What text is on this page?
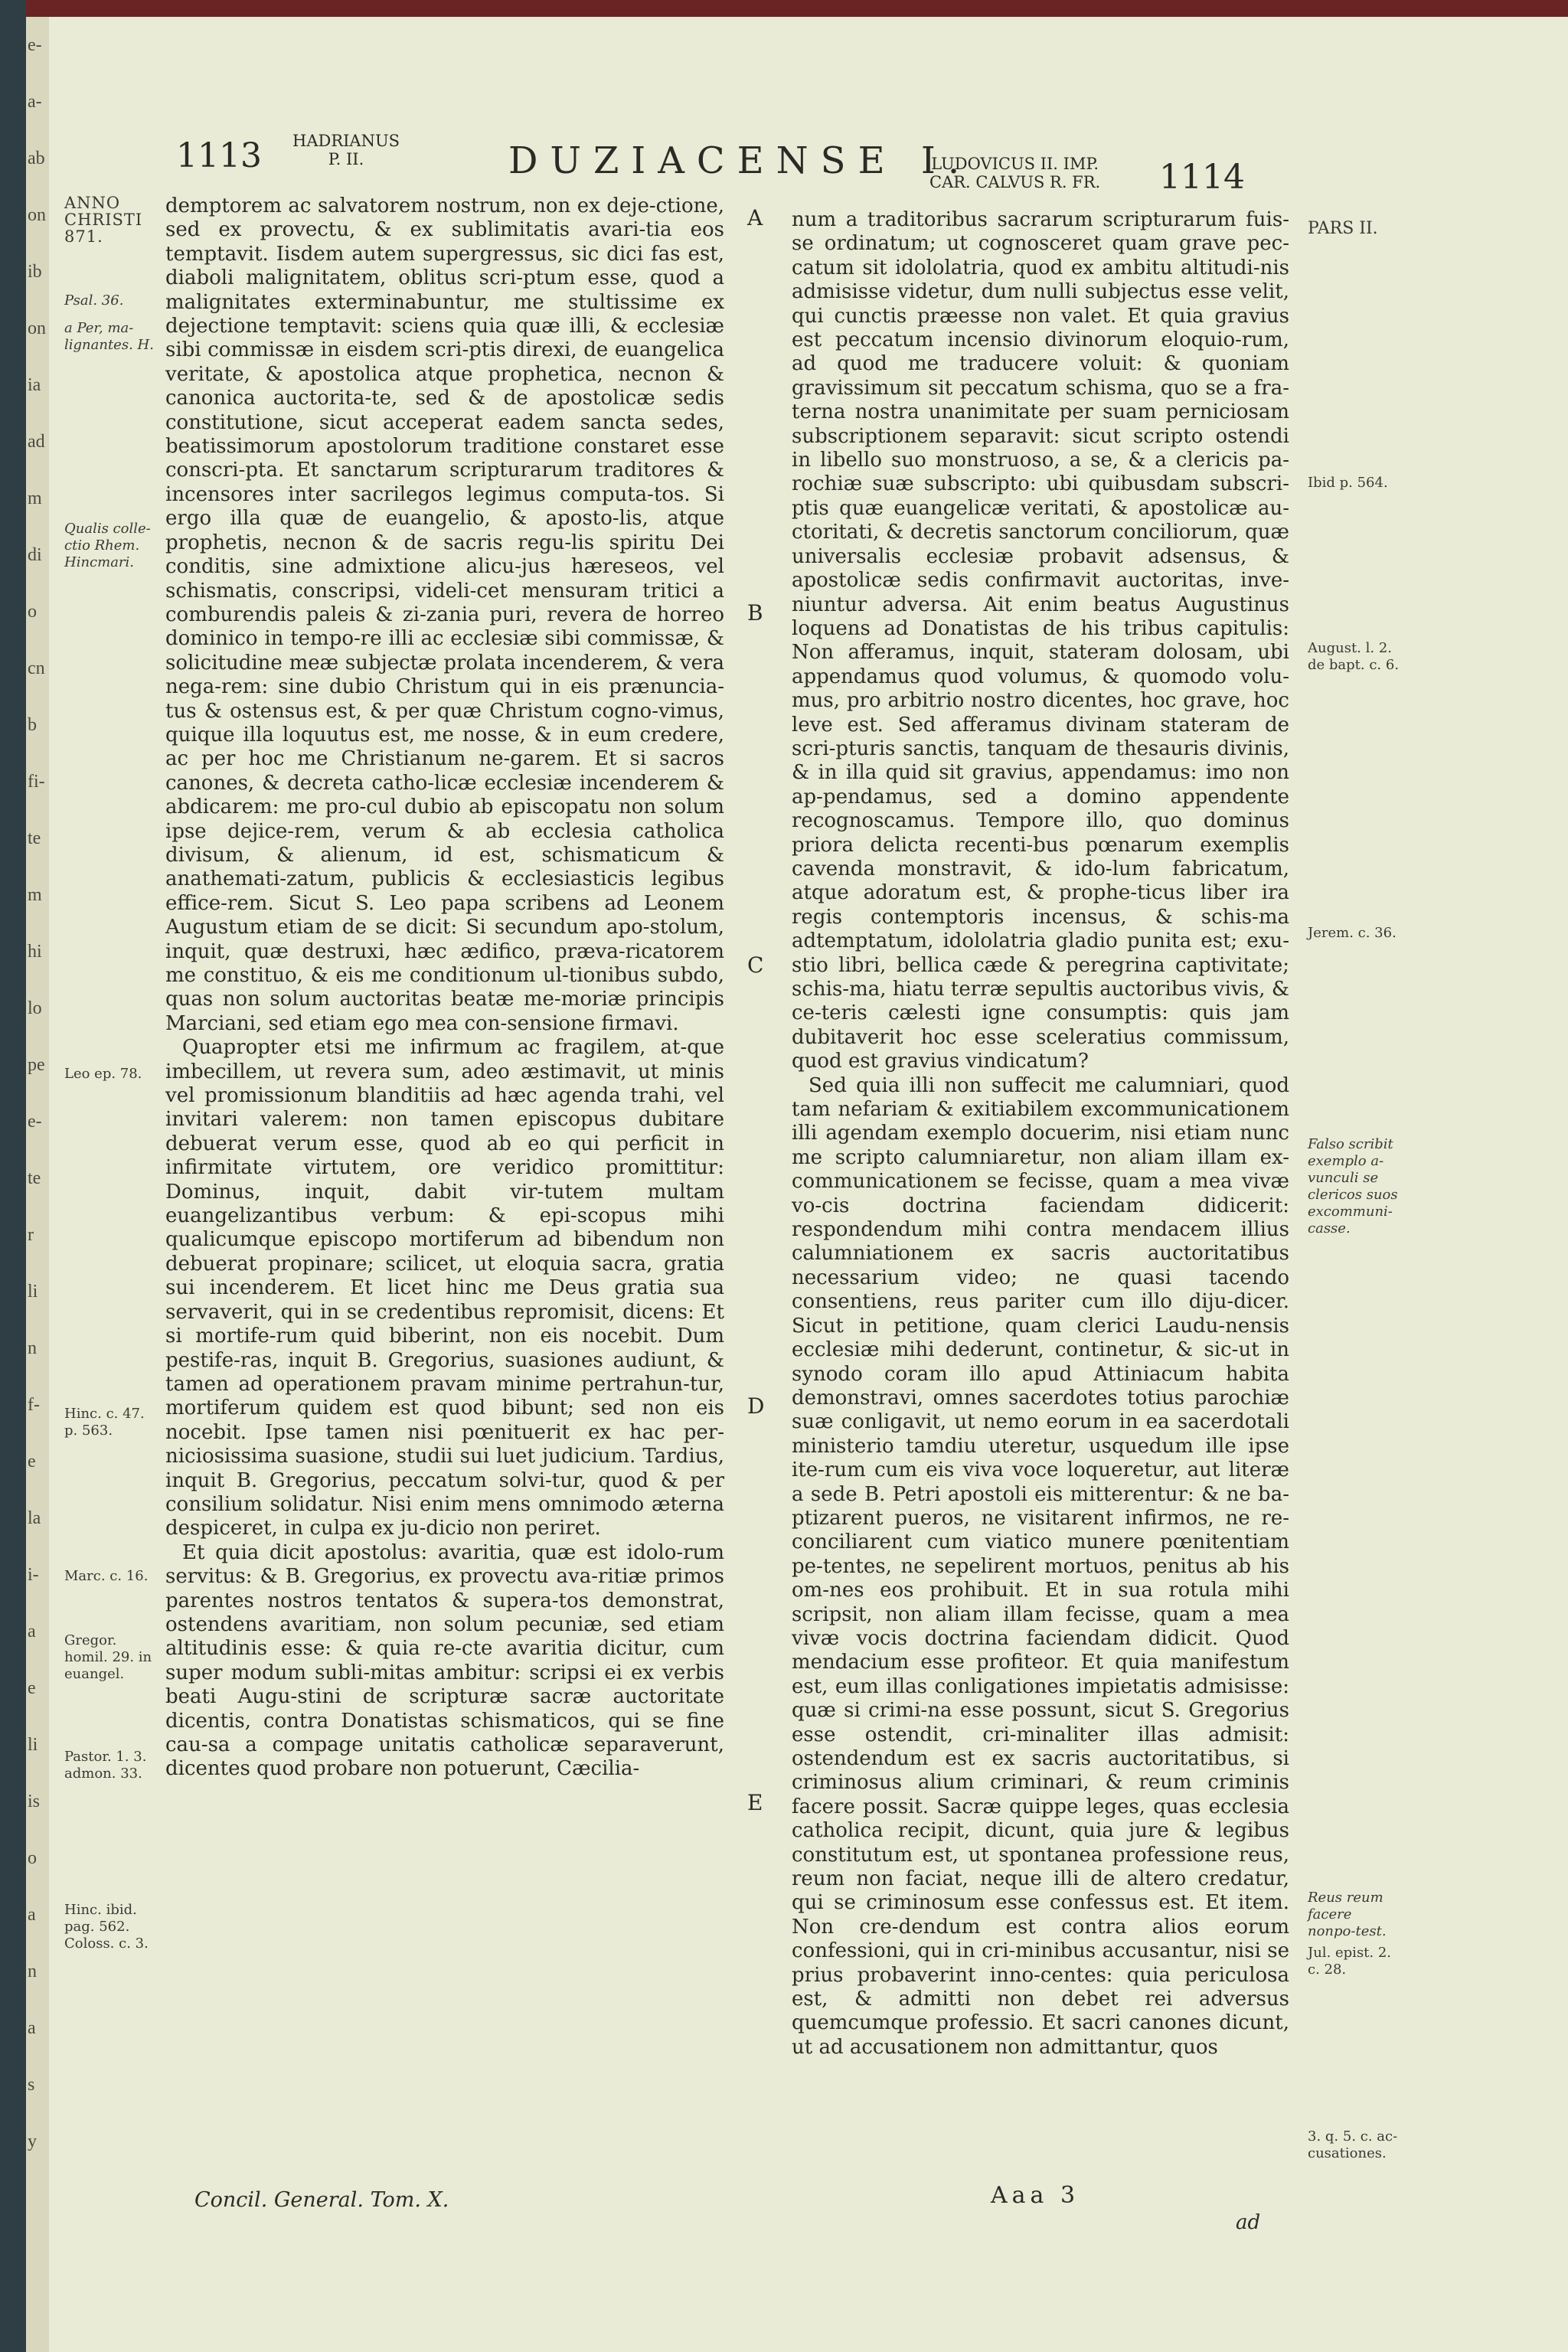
e-
a-
ab
on
ib
on
ia
ad
m
di
o
cn
b
fi-
te
m
hi
lo
pe
e-
te
r
li
n
f-
e
la
i-
a
e
li
is
o
a
n
a
s
y
1113 HADRIANUS
P. II.	DUZIACENSE I.
LUDOVICUS II. IMP.
CAR. CALVUS R. FR. 1114

demptorem ac salvatorem nostrum, non ex deje-ctione, sed ex provectu, & ex sublimitatis avari-tia eos temptavit. Iisdem autem supergressus, sic dici fas est, diaboli malignitatem, oblitus scri-ptum esse, quod a malignitates exterminabuntur, me stultissime ex dejectione temptavit: sciens quia quæ illi, & ecclesiæ sibi commissæ in eisdem scri-ptis direxi, de euangelica veritate, & apostolica atque prophetica, necnon & canonica auctorita-te, sed & de apostolicæ sedis constitutione, sicut acceperat eadem sancta sedes, beatissimorum apostolorum traditione constaret esse conscri-pta. Et sanctarum scripturarum traditores & incensores inter sacrilegos legimus computa-tos. Si ergo illa quæ de euangelio, & aposto-lis, atque prophetis, necnon & de sacris regu-lis spiritu Dei conditis, sine admixtione alicu-jus hæreseos, vel schismatis, conscripsi, videli-cet mensuram tritici a comburendis paleis & zi-zania puri, revera de horreo dominico in tempo-re illi ac ecclesiæ sibi commissæ, & solicitudine meæ subjectæ prolata incenderem, & vera nega-rem: sine dubio Christum qui in eis prænuncia-tus & ostensus est, & per quæ Christum cogno-vimus, quique illa loquutus est, me nosse, & in eum credere, ac per hoc me Christianum ne-garem. Et si sacros canones, & decreta catho-licæ ecclesiæ incenderem & abdicarem: me pro-cul dubio ab episcopatu non solum ipse dejice-rem, verum & ab ecclesia catholica divisum, & alienum, id est, schismaticum & anathemati-zatum, publicis & ecclesiasticis legibus effice-rem. Sicut S. Leo papa scribens ad Leonem Augustum etiam de se dicit: Si secundum apo-stolum, inquit, quæ destruxi, hæc ædifico, præva-ricatorem me constituo, & eis me conditionum ul-tionibus subdo, quas non solum auctoritas beatæ me-moriæ principis Marciani, sed etiam ego mea con-sensione firmavi.

Quapropter etsi me infirmum ac fragilem, at-que imbecillem, ut revera sum, adeo æstimavit, ut minis vel promissionum blanditiis ad hæc agenda trahi, vel invitari valerem: non tamen episcopus dubitare debuerat verum esse, quod ab eo qui perficit in infirmitate virtutem, ore veridico promittitur: Dominus, inquit, dabit vir-tutem multam euangelizantibus verbum: & epi-scopus mihi qualicumque episcopo mortiferum ad bibendum non debuerat propinare; scilicet, ut eloquia sacra, gratia sui incenderem. Et licet hinc me Deus gratia sua servaverit, qui in se credentibus repromisit, dicens: Et si mortife-rum quid biberint, non eis nocebit. Dum pestife-ras, inquit B. Gregorius, suasiones audiunt, & tamen ad operationem pravam minime pertrahun-tur, mortiferum quidem est quod bibunt; sed non eis nocebit. Ipse tamen nisi pœnituerit ex hac per-niciosissima suasione, studii sui luet judicium. Tardius, inquit B. Gregorius, peccatum solvi-tur, quod & per consilium solidatur. Nisi enim mens omnimodo æterna despiceret, in culpa ex ju-dicio non periret.

Et quia dicit apostolus: avaritia, quæ est idolo-rum servitus: & B. Gregorius, ex provectu ava-ritiæ primos parentes nostros tentatos & supera-tos demonstrat, ostendens avaritiam, non solum pecuniæ, sed etiam altitudinis esse: & quia re-cte avaritia dicitur, cum super modum subli-mitas ambitur: scripsi ei ex verbis beati Augu-stini de scripturæ sacræ auctoritate dicentis, contra Donatistas schismaticos, qui se fine cau-sa a compage unitatis catholicæ separaverunt, dicentes quod probare non potuerunt, Cæcilia-

num a traditoribus sacrarum scripturarum fuis-se ordinatum; ut cognosceret quam grave pec-catum sit idololatria, quod ex ambitu altitudi-nis admisisse videtur, dum nulli subjectus esse velit, qui cunctis præesse non valet. Et quia gravius est peccatum incensio divinorum eloquio-rum, ad quod me traducere voluit: & quoniam gravissimum sit peccatum schisma, quo se a fra-terna nostra unanimitate per suam perniciosam subscriptionem separavit: sicut scripto ostendi in libello suo monstruoso, a se, & a clericis pa-rochiæ suæ subscripto: ubi quibusdam subscri-ptis quæ euangelicæ veritati, & apostolicæ au-ctoritati, & decretis sanctorum conciliorum, quæ universalis ecclesiæ probavit adsensus, & apostolicæ sedis confirmavit auctoritas, inve-niuntur adversa. Ait enim beatus Augustinus loquens ad Donatistas de his tribus capitulis: Non afferamus, inquit, stateram dolosam, ubi appendamus quod volumus, & quomodo volu-mus, pro arbitrio nostro dicentes, hoc grave, hoc leve est. Sed afferamus divinam stateram de scri-pturis sanctis, tanquam de thesauris divinis, & in illa quid sit gravius, appendamus: imo non ap-pendamus, sed a domino appendente recognoscamus. Tempore illo, quo dominus priora delicta recenti-bus pœnarum exemplis cavenda monstravit, & ido-lum fabricatum, atque adoratum est, & prophe-ticus liber ira regis contemptoris incensus, & schis-ma adtemptatum, idololatria gladio punita est; exu-stio libri, bellica cæde & peregrina captivitate; schis-ma, hiatu terræ sepultis auctoribus vivis, & ce-teris cælesti igne consumptis: quis jam dubitaverit hoc esse sceleratius commissum, quod est gravius vindicatum?

Sed quia illi non suffecit me calumniari, quod tam nefariam & exitiabilem excommunicationem illi agendam exemplo docuerim, nisi etiam nunc me scripto calumniaretur, non aliam illam ex-communicationem se fecisse, quam a mea vivæ vo-cis doctrina faciendam didicerit: respondendum mihi contra mendacem illius calumniationem ex sacris auctoritatibus necessarium video; ne quasi tacendo consentiens, reus pariter cum illo diju-dicer. Sicut in petitione, quam clerici Laudu-nensis ecclesiæ mihi dederunt, continetur, & sic-ut in synodo coram illo apud Attiniacum habita demonstravi, omnes sacerdotes totius parochiæ suæ conligavit, ut nemo eorum in ea sacerdotali ministerio tamdiu uteretur, usquedum ille ipse ite-rum cum eis viva voce loqueretur, aut literæ a sede B. Petri apostoli eis mitterentur: & ne ba-ptizarent pueros, ne visitarent infirmos, ne re-conciliarent cum viatico munere pœnitentiam pe-tentes, ne sepelirent mortuos, penitus ab his om-nes eos prohibuit. Et in sua rotula mihi scripsit, non aliam illam fecisse, quam a mea vivæ vocis doctrina faciendam didicit. Quod mendacium esse profiteor. Et quia manifestum est, eum illas conligationes impietatis admisisse: quæ si crimi-na esse possunt, sicut S. Gregorius esse ostendit, cri-minaliter illas admisit: ostendendum est ex sacris auctoritatibus, si criminosus alium criminari, & reum criminis facere possit. Sacræ quippe leges, quas ecclesia catholica recipit, dicunt, quia jure & legibus constitutum est, ut spontanea professione reus, reum non faciat, neque illi de altero credatur, qui se criminosum esse confessus est. Et item. Non cre-dendum est contra alios eorum confessioni, qui in cri-minibus accusantur, nisi se prius probaverint inno-centes: quia periculosa est, & admitti non debet rei adversus quemcumque professio. Et sacri canones dicunt, ut ad accusationem non admittantur, quos

ANNO CHRISTI 871.
Psal. 36.
a Per, ma-lignantes. H.
Qualis colle-ctio Rhem. Hincmari.
Leo ep. 78.
Hinc. c. 47. p. 563.
Marc. c. 16.
Gregor. homil. 29. in euangel.
Pastor. 1. 3. admon. 33.
Hinc. ibid. pag. 562. Coloss. c. 3.
A
B
C
D
E
PARS II.
Ibid p. 564.
August. l. 2. de bapt. c. 6.
Jerem. c. 36.
Falso scribit exemplo a-vunculi se clericos suos excommuni-casse.
Reus reum facere nonpo-test.
Jul. epist. 2. c. 28.
3. q. 5. c. ac-cusationes.
Concil. General. Tom. X.	Aaa 3
ad
